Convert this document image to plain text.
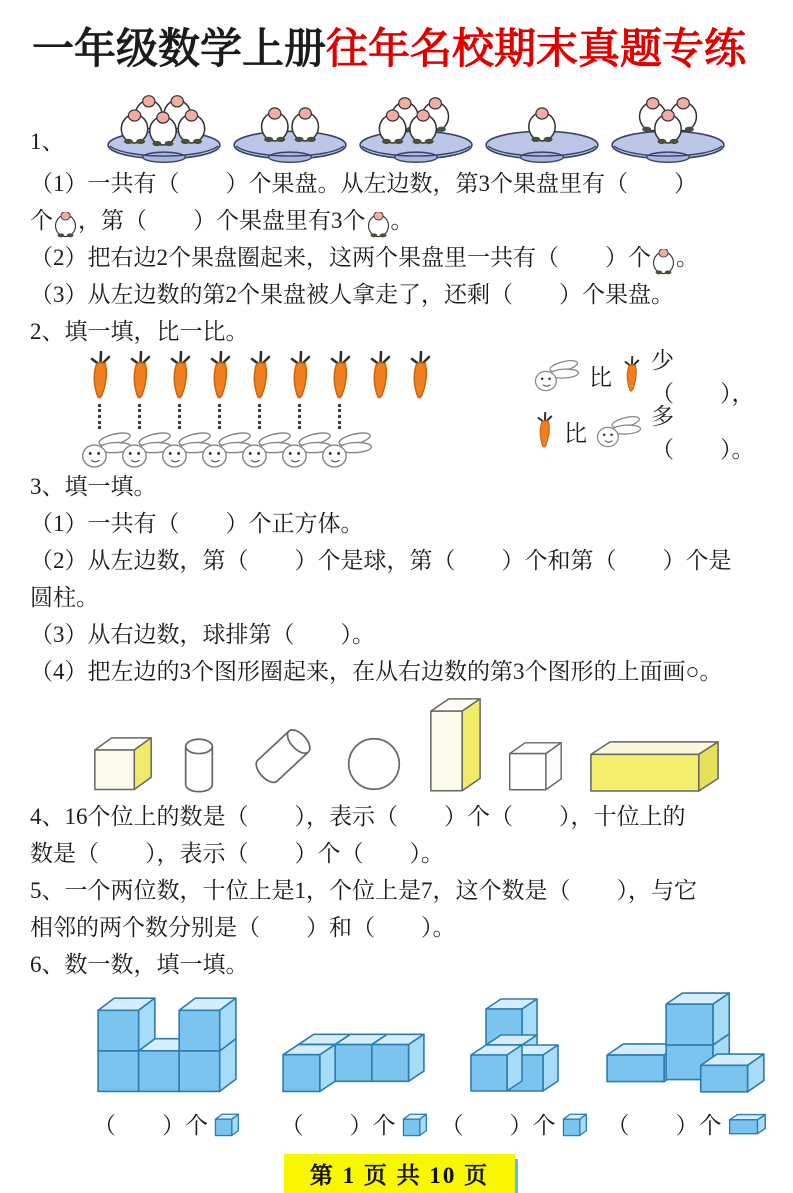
一年级数学上册往年名校期末真题专练
1、

（1）一共有（　　）个果盘。从左边数，第3个果盘里有（　　）

个 ，第（　　）个果盘里有3个 。

（2）把右边2个果盘圈起来，这两个果盘里一共有（　　）个 。

（3）从左边数的第2个果盘被人拿走了，还剩（　　）个果盘。

2、填一填，比一比。

比
少（　　），
比
多（　　）。

3、填一填。

（1）一共有（　　）个正方体。

（2）从左边数，第（　　）个是球，第（　　）个和第（　　）个是

圆柱。

（3）从右边数，球排第（　　）。

（4）把左边的3个图形圈起来，在从右边数的第3个图形的上面画○。

4、16个位上的数是（　　），表示（　　）个（　　），十位上的

数是（　　），表示（　　）个（　　）。

5、一个两位数，十位上是1，个位上是7，这个数是（　　），与它

相邻的两个数分别是（　　）和（　　）。

6、数一数，填一填。

（　　）个	（　　）个 （　　）个 （　　）个
第 1 页 共 10 页
